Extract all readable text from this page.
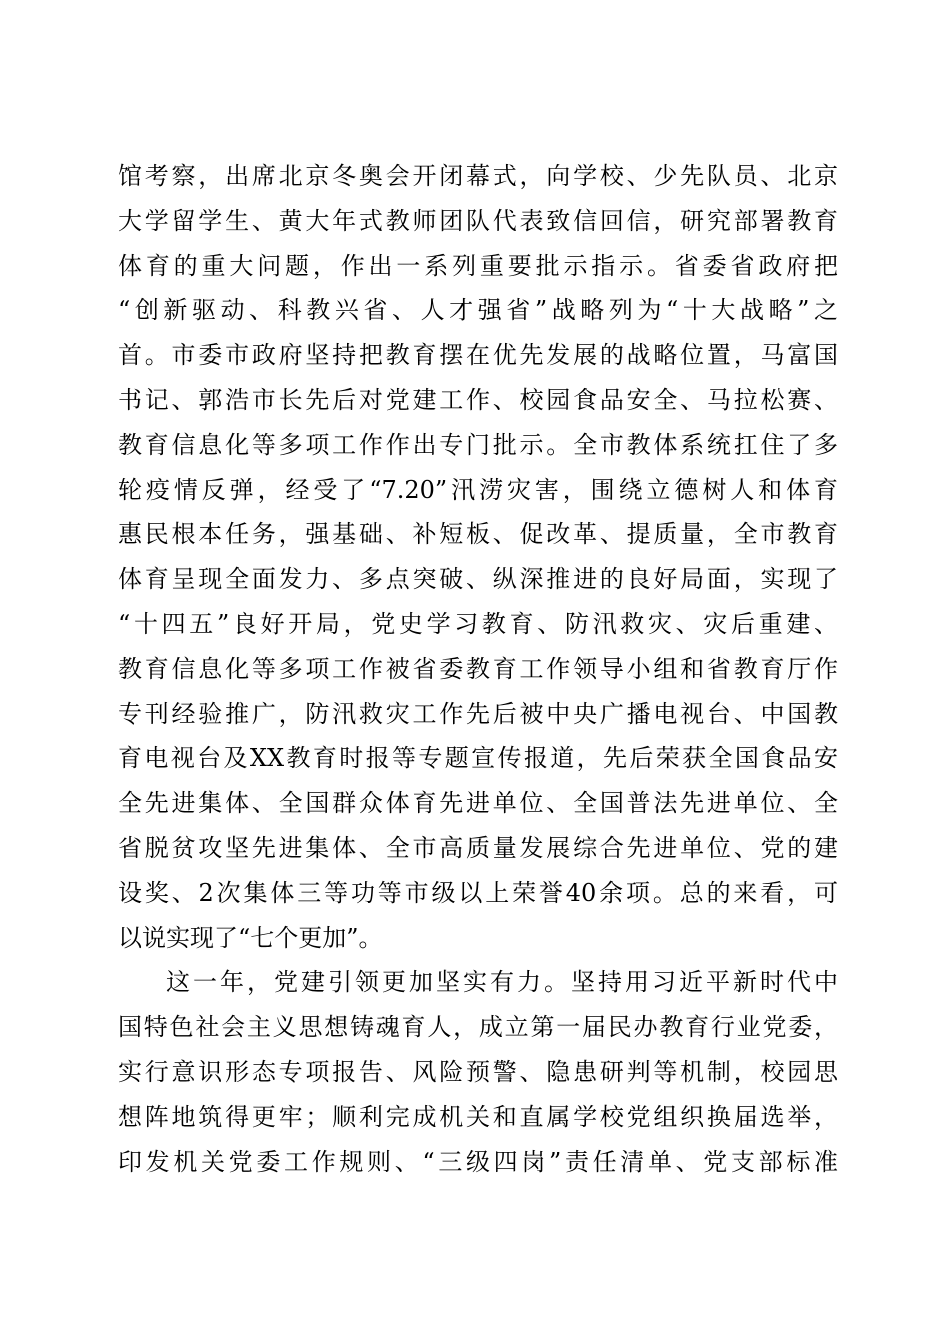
馆考察，出席北京冬奥会开闭幕式，向学校、少先队员、北京
大学留学生、黄大年式教师团队代表致信回信，研究部署教育
体育的重大问题，作出一系列重要批示指示。省委省政府把
“创新驱动、科教兴省、人才强省”战略列为“十大战略”之
首。市委市政府坚持把教育摆在优先发展的战略位置，马富国
书记、郭浩市长先后对党建工作、校园食品安全、马拉松赛、
教育信息化等多项工作作出专门批示。全市教体系统扛住了多
轮疫情反弹，经受了“7.20”汛涝灾害，围绕立德树人和体育
惠民根本任务，强基础、补短板、促改革、提质量，全市教育
体育呈现全面发力、多点突破、纵深推进的良好局面，实现了
“十四五”良好开局，党史学习教育、防汛救灾、灾后重建、
教育信息化等多项工作被省委教育工作领导小组和省教育厅作
专刊经验推广，防汛救灾工作先后被中央广播电视台、中国教
育电视台及XX教育时报等专题宣传报道，先后荣获全国食品安
全先进集体、全国群众体育先进单位、全国普法先进单位、全
省脱贫攻坚先进集体、全市高质量发展综合先进单位、党的建
设奖、2次集体三等功等市级以上荣誉40余项。总的来看，可
以说实现了“七个更加”。
这一年，党建引领更加坚实有力。坚持用习近平新时代中
国特色社会主义思想铸魂育人，成立第一届民办教育行业党委，
实行意识形态专项报告、风险预警、隐患研判等机制，校园思
想阵地筑得更牢；顺利完成机关和直属学校党组织换届选举，
印发机关党委工作规则、“三级四岗”责任清单、党支部标准
